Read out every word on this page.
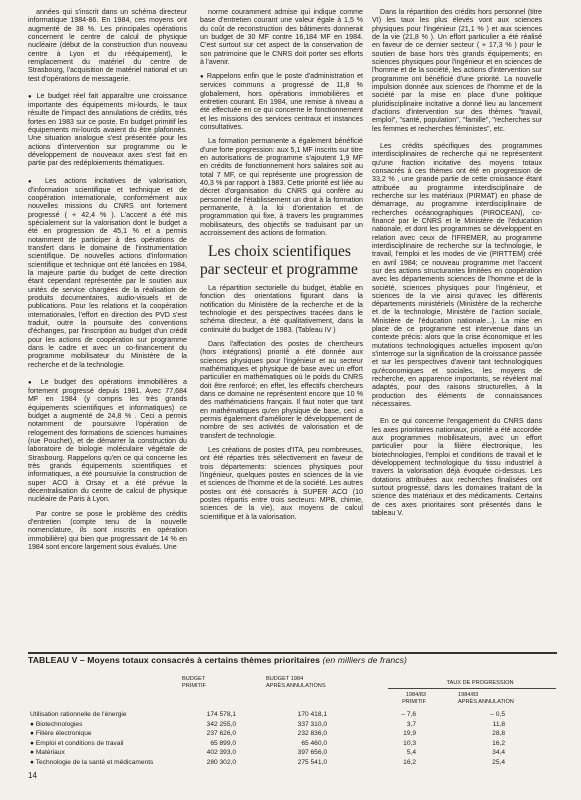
années qui s'inscrit dans un schéma directeur informatique 1984-86. En 1984, ces moyens ont augmenté de 38 %. Les principales opérations concernent le centre de calcul de physique nucléaire (début de la construction d'un nouveau centre à Lyon et du rééquipement), le remplacement du matériel du centre de Strasbourg, l'acquisition de matériel national et un test d'opérations de messagerie.

● Le budget réel fait apparaître une croissance importante des équipements mi-lourds, le taux résulte de l'impact des annulations de crédits, très fortes en 1983 sur ce poste. En budget primitif les équipements mi-lourds avaient du être plafonnés. Une situation analogue s'est présentée pour les actions d'intervention sur programme ou le développement de nouveaux axes s'est fait en partie par des redéploiements thématiques.

● Les actions incitatives de valorisation, d'information scientifique et technique et de coopération internationale, conformément aux nouvelles missions du CNRS ont fortement progressé ( + 42,4 % ). L'accent a été mis spécialement sur la valorisation dont le budget a été en progression de 45,1 % et a permis notamment de participer à des opérations de transfert dans le domaine de l'instrumentation scientifique. De nouvelles actions d'information scientifique et technique ont été lancées en 1984, la majeure partie du budget de cette direction étant cependant représentée par le soutien aux unités de service chargées de la réalisation de produits documentaires, audio-visuels et de publications. Pour les relations et la coopération internationales, l'effort en direction des PVD s'est traduit, outre la poursuite des conventions d'échanges, par l'inscription au budget d'un crédit pour les actions de coopération sur programme dans le cadre et avec un co-financement du programme mobilisateur du Ministère de la recherche et de la technologie.

● Le budget des opérations immobilières a fortement progressé depuis 1981. Avec 77,684 MF en 1984 (y compris les très grands équipements scientifiques et informatiques) ce budget a augmenté de 24,8 % . Ceci a permis notamment de poursuivre l'opération de relogement des formations de sciences humaines (rue Pouchet), et de démarrer la construction du laboratoire de biologie moléculaire végétale de Strasbourg. Rappelons qu'en ce qui concerne les très grands équipements scientifiques et informatiques, a été poursuivie la construction de super ACO à Orsay et a été prévue la décentralisation du centre de calcul de physique nucléaire de Paris à Lyon.

Par contre se pose le problème des crédits d'entretien (compte tenu de la nouvelle nomenclature, ils sont inscrits en opération immobilière) qui bien que progressant de 14 % en 1984 sont encore largement sous évalués. Une

norme couramment admise qui indique comme base d'entretien courant une valeur égale à 1,5 % du coût de reconstruction des bâtiments donnerait un budget de 30 MF contre 16,184 MF en 1984. C'est surtout sur cet aspect de la conservation de son patrimoine que le CNRS doit porter ses efforts à l'avenir.

● Rappelons enfin que le poste d'administration et services communs a progressé de 11,8 % globalement, hors opérations immobilières et entretien courant. En 1984, une remise à niveau a été effectuée en ce qui concerne le fonctionnement et les missions des services centraux et instances consultatives.

La formation permanente a également bénéficié d'une forte progression: aux 5,1 MF inscrits sur titre en autorisations de programme s'ajoutent 1,9 MF en crédits de fonctionnement hors salaires soit au total 7 MF, ce qui représente une progression de 40,3 % par rapport à 1983. Cette priorité est liée au décret d'organisation du CNRS qui confère au personnel de l'établissement un droit à la formation permanente, à la loi d'orientation et de programmation qui fixe, à travers les programmes mobilisateurs, des objectifs se traduisant par un accroissement des actions de formation.

Les choix scientifiques par secteur et programme

La répartition sectorielle du budget, établie en fonction des orientations figurant dans la notification du Ministère de la recherche et de la technologie et des perspectives tracées dans le schéma directeur, a été qualitativement, dans la continuité du budget de 1983. (Tableau IV )

Dans l'affectation des postes de chercheurs (hors intégrations) priorité a été donnée aux sciences physiques pour l'ingénieur et au secteur mathématiques et physique de base avec un effort particulier en mathématiques où le poids du CNRS doit être renforcé; en effet, les effectifs chercheurs dans ce domaine ne représentent encore que 10 % des mathématiciens français. Il faut noter que tant en mathématiques qu'en physique de base, ceci a permis également d'améliorer le développement de nombre de ses activités de valorisation et de transfert de technologie.

Les créations de postes d'ITA, peu nombreuses, ont été réparties très sélectivement en faveur de trois départements: sciences physiques pour l'ingénieur, quelques postes en sciences de la vie et sciences de l'homme et de la société. Les autres postes ont été consacrés à SUPER ACO (10 postes répartis entre trois secteurs: MPB, chimie, sciences de la vie), aux moyens de calcul scientifique et à la valorisation.

Dans la répartition des crédits hors personnel (titre VI) les taux les plus élevés vont aux sciences physiques pour l'ingénieur (21,1 % ) et aux sciences de la vie (21,8 % ). Un effort particulier a été réalisé en faveur de ce dernier secteur ( + 17,3 % ) pour le soutien de base hors très grands équipements; en sciences physiques pour l'ingénieur et en sciences de l'homme et de la société, les actions d'intervention sur programme ont bénéficié d'une priorité. La nouvelle impulsion donnée aux sciences de l'homme et de la société par la mise en place d'une politique pluridisciplinaire incitative a donné lieu au lancement d'actions d'intervention sur des thèmes "travail, emploi", "santé, population", "famille", "recherches sur les femmes et recherches féministes", etc.

Les crédits spécifiques des programmes interdisciplinaires de recherche qui ne représentent qu'une fraction incitative des moyens totaux consacrés à ces thèmes ont été en progression de 33,2 % , une grande partie de cette croissance étant attribuée au programme interdisciplinaire de recherche sur les matériaux (PIRMAT) en phase de démarrage, au programme interdisciplinaire de recherches océanographiques (PIROCEAN), co-financé par le CNRS et le Ministère de l'éducation nationale, et dont les programmes se développent en relation avec ceux de l'IFREMER, au programme interdisciplinaire de recherche sur la technologie, le travail, l'emploi et les modes de vie (PIRTTEM) créé en avril 1984; ce nouveau programme met l'accent sur des actions structurantes limitées en coopération avec les départements sciences de l'homme et de la société, sciences physiques pour l'ingénieur, et sciences de la vie ainsi qu'avec les différents départements ministériels (Ministère de la recherche et de la technologie, Ministère de l'action sociale, Ministère de l'éducation nationale...). La mise en place de ce programme est intervenue dans un contexte précis: alors que la crise économique et les mutations technologiques actuelles imposent qu'on s'interroge sur la signification de la croissance passée et sur les perspectives d'avenir tant technologiques qu'économiques et sociales, les moyens de recherche, en apparence importants, se révèlent mal adaptés, pour des raisons structurelles, à la production des éléments de connaissances nécessaires.

En ce qui concerne l'engagement du CNRS dans les axes prioritaires nationaux, priorité a été accordée aux programmes mobilisateurs, avec un effort particulier pour la filière électronique, les biotechnologies, l'emploi et conditions de travail et le développement technologique du tissu industriel à travers la valorisation déjà évoquée ci-dessus. Les dotations attribuées aux recherches finalisées ont surtout progressé, dans les domaines traitant de la science des matériaux et des médicaments. Certains de ces axes prioritaires sont présentés dans le tableau V.

TABLEAU V – Moyens totaux consacrés à certains thèmes prioritaires (en milliers de francs)
TAUX DE PROGRESSION
BUDGET
PRIMITIF
BUDGET 1984
APRÈS ANNULATIONS
1984/83
PRIMITIF
1984/83
APRÈS ANNULATION
Utilisation rationnelle de l'énergie	174 578,1	170 418,1	– 7,6	– 0,5
● Biotechnologies	342 255,0	337 310,0	3,7	11,8
● Filière électronique	237 626,0	232 836,0	19,9	28,8
● Emploi et conditions de travail	65 899,0	65 460,0	10,3	16,2
● Matériaux	402 393,0	397 656,0	5,4	34,4
● Technologie de la santé et médicaments	280 302,0	275 541,0	16,2	25,4
14
